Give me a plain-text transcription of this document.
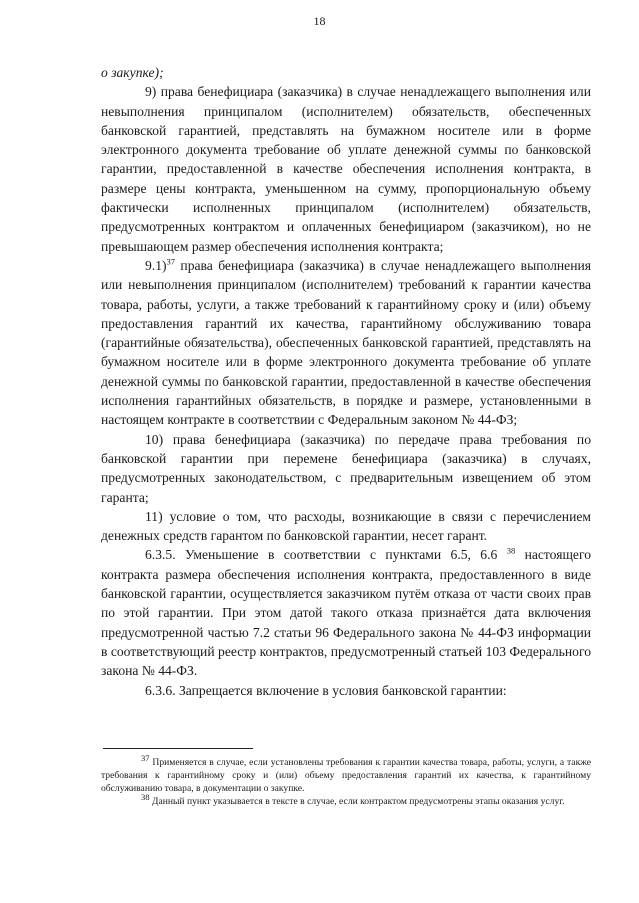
18

о закупке);

9) права бенефициара (заказчика) в случае ненадлежащего выполнения или невыполнения принципалом (исполнителем) обязательств, обеспеченных банковской гарантией, представлять на бумажном носителе или в форме электронного документа требование об уплате денежной суммы по банковской гарантии, предоставленной в качестве обеспечения исполнения контракта, в размере цены контракта, уменьшенном на сумму, пропорциональную объему фактически исполненных принципалом (исполнителем) обязательств, предусмотренных контрактом и оплаченных бенефициаром (заказчиком), но не превышающем размер обеспечения исполнения контракта;

9.1)$^{37}$ права бенефициара (заказчика) в случае ненадлежащего выполнения или невыполнения принципалом (исполнителем) требований к гарантии качества товара, работы, услуги, а также требований к гарантийному сроку и (или) объему предоставления гарантий их качества, гарантийному обслуживанию товара (гарантийные обязательства), обеспеченных банковской гарантией, представлять на бумажном носителе или в форме электронного документа требование об уплате денежной суммы по банковской гарантии, предоставленной в качестве обеспечения исполнения гарантийных обязательств, в порядке и размере, установленными в настоящем контракте в соответствии с Федеральным законом № 44-ФЗ;

10) права бенефициара (заказчика) по передаче права требования по банковской гарантии при перемене бенефициара (заказчика) в случаях, предусмотренных законодательством, с предварительным извещением об этом гаранта;

11) условие о том, что расходы, возникающие в связи с перечислением денежных средств гарантом по банковской гарантии, несет гарант.

6.3.5. Уменьшение в соответствии с пунктами 6.5, 6.6 $^{38}$ настоящего контракта размера обеспечения исполнения контракта, предоставленного в виде банковской гарантии, осуществляется заказчиком путём отказа от части своих прав по этой гарантии. При этом датой такого отказа признаётся дата включения предусмотренной частью 7.2 статьи 96 Федерального закона № 44-ФЗ информации в соответствующий реестр контрактов, предусмотренный статьей 103 Федерального закона № 44-ФЗ.

6.3.6. Запрещается включение в условия банковской гарантии:

$^{37}$ Применяется в случае, если установлены требования к гарантии качества товара, работы, услуги, а также требования к гарантийному сроку и (или) объему предоставления гарантий их качества, к гарантийному обслуживанию товара, в документации о закупке.

$^{38}$ Данный пункт указывается в тексте в случае, если контрактом предусмотрены этапы оказания услуг.
